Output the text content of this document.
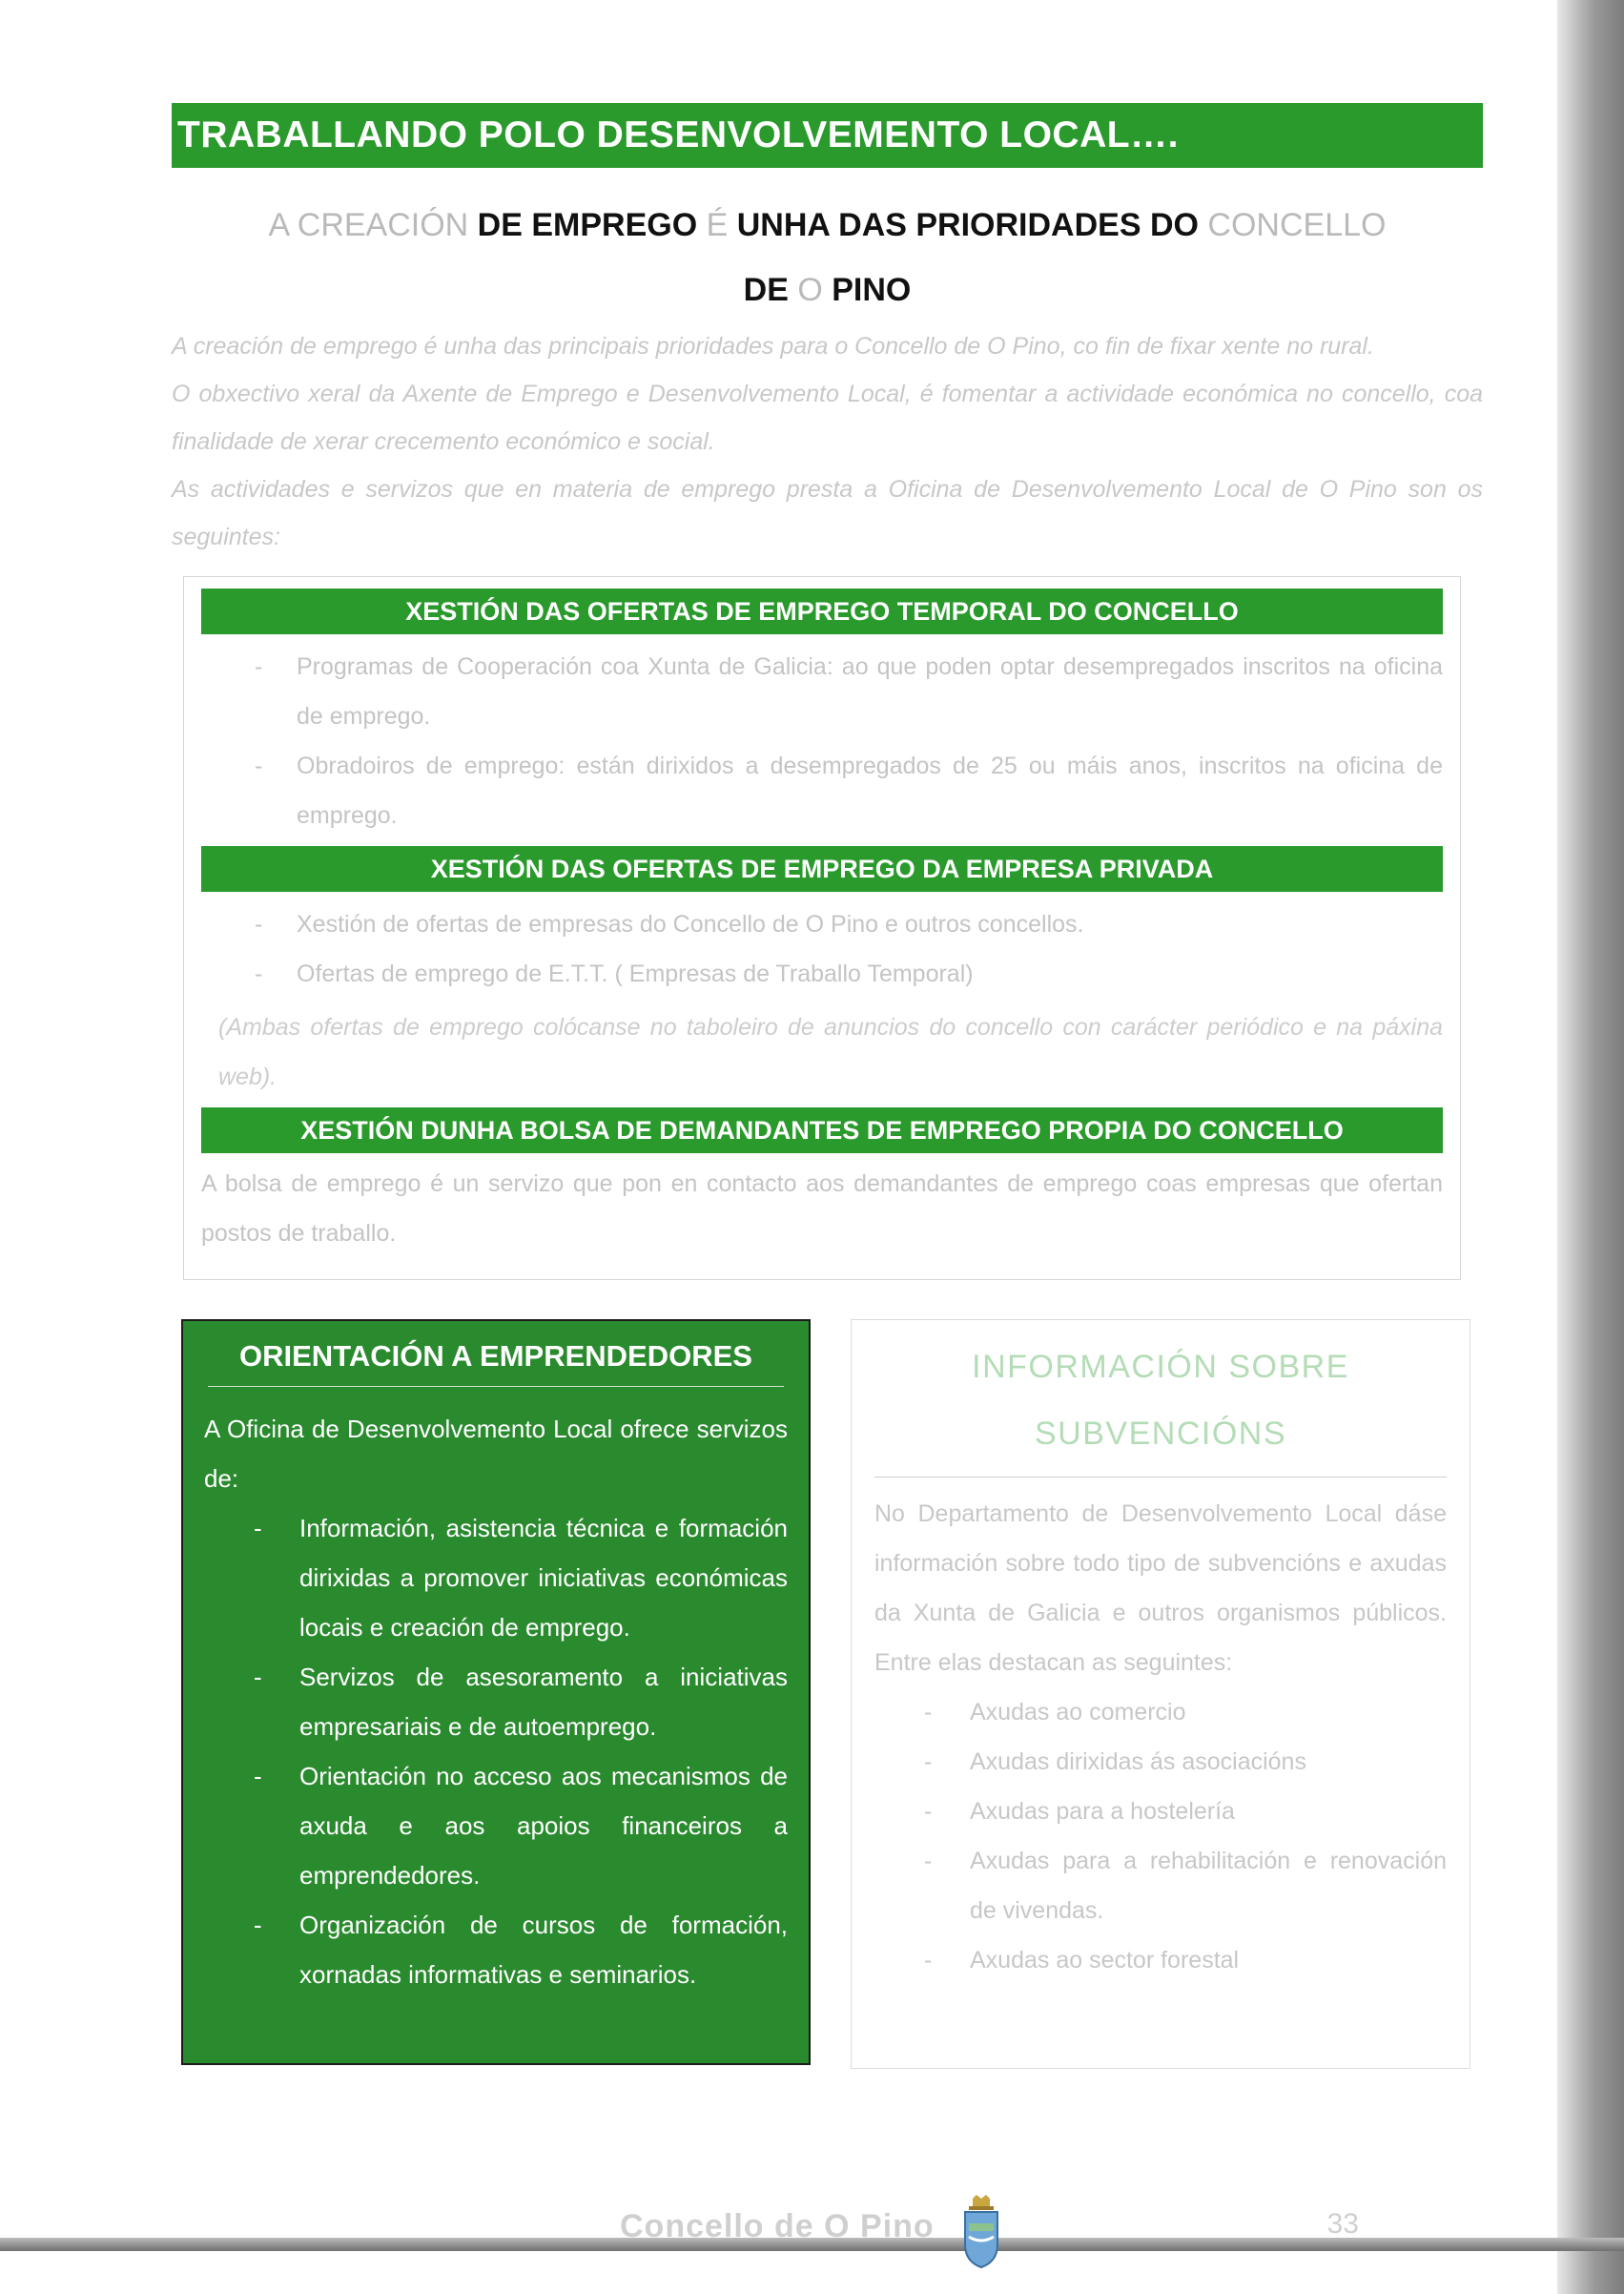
TRABALLANDO POLO DESENVOLVEMENTO LOCAL….
A CREACIÓN DE EMPREGO É UNHA DAS PRIORIDADES DO CONCELLO
DE O PINO

A creación de emprego é unha das principais prioridades para o Concello de O Pino, co fin de fixar xente no rural.

O obxectivo xeral da Axente de Emprego e Desenvolvemento Local, é fomentar a actividade económica no concello, coa finalidade de xerar crecemento económico e social.

As actividades e servizos que en materia de emprego presta a Oficina de Desenvolvemento Local de O Pino son os seguintes:

XESTIÓN DAS OFERTAS DE EMPREGO TEMPORAL DO CONCELLO
- Programas de Cooperación coa Xunta de Galicia: ao que poden optar desempregados inscritos na oficina de emprego.
- Obradoiros de emprego: están dirixidos a desempregados de 25 ou máis anos, inscritos na oficina de emprego.
XESTIÓN DAS OFERTAS DE EMPREGO DA EMPRESA PRIVADA
- Xestión de ofertas de empresas do Concello de O Pino e outros concellos.
- Ofertas de emprego de E.T.T. ( Empresas de Traballo Temporal)
(Ambas ofertas de emprego colócanse no taboleiro de anuncios do concello con carácter periódico e na páxina web).
XESTIÓN DUNHA BOLSA DE DEMANDANTES DE EMPREGO PROPIA DO CONCELLO

A bolsa de emprego é un servizo que pon en contacto aos demandantes de emprego coas empresas que ofertan postos de traballo.

ORIENTACIÓN A EMPRENDEDORES

A Oficina de Desenvolvemento Local ofrece servizos de:

- Información, asistencia técnica e formación dirixidas a promover iniciativas económicas locais e creación de emprego.
- Servizos de asesoramento a iniciativas empresariais e de autoemprego.
- Orientación no acceso aos mecanismos de axuda e aos apoios financeiros a emprendedores.
- Organización de cursos de formación, xornadas informativas e seminarios.
INFORMACIÓN SOBRE
SUBVENCIÓNS

No Departamento de Desenvolvemento Local dáse información sobre todo tipo de subvencións e axudas da Xunta de Galicia e outros organismos públicos. Entre elas destacan as seguintes:

- Axudas ao comercio
- Axudas dirixidas ás asociacións
- Axudas para a hostelería
- Axudas para a rehabilitación e renovación de vivendas.
- Axudas ao sector forestal
Concello de O Pino	33
